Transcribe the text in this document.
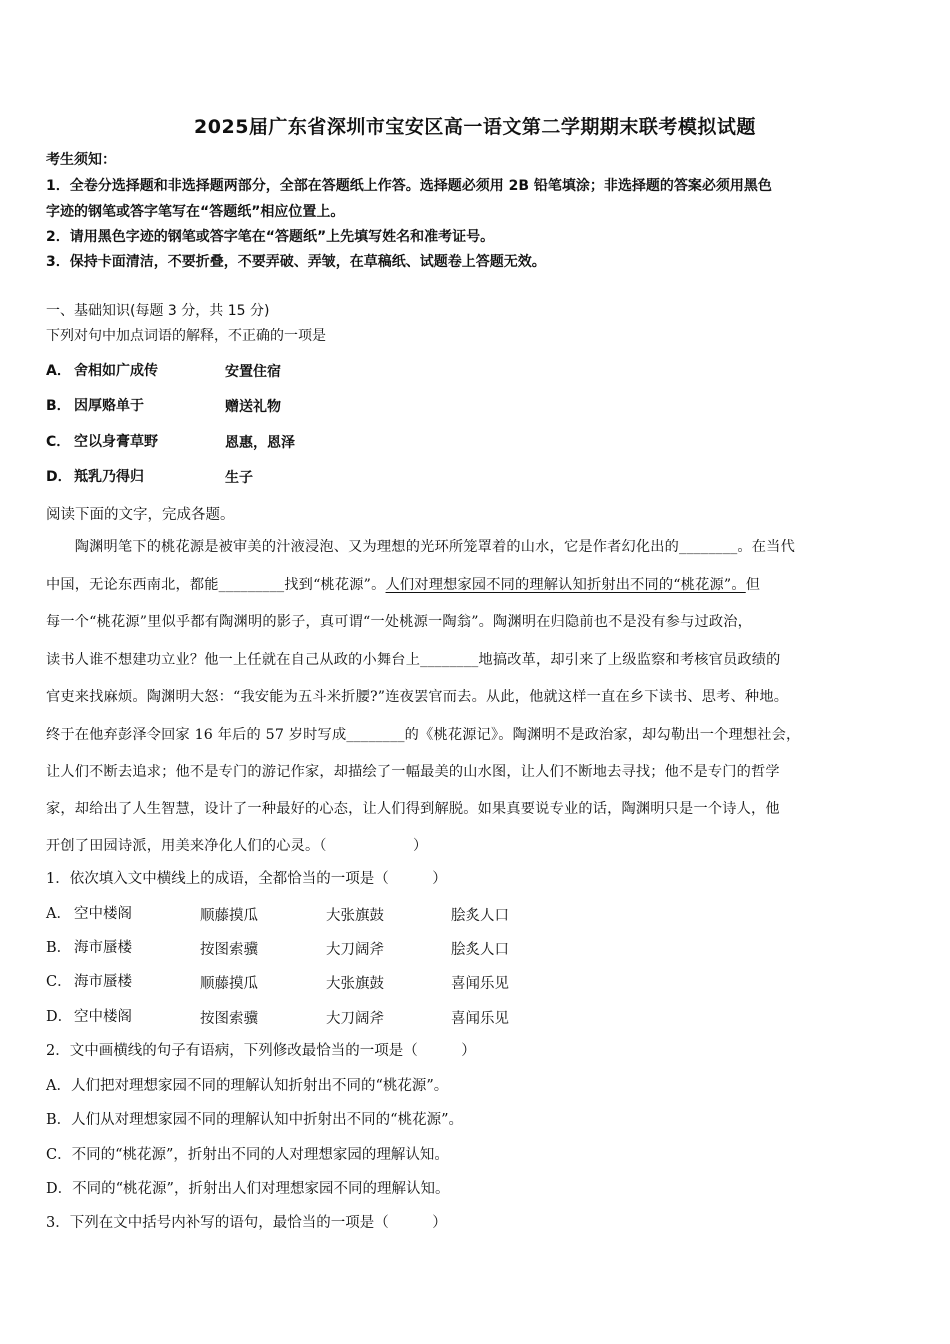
2025届广东省深圳市宝安区高一语文第二学期期末联考模拟试题
考生须知：
1．全卷分选择题和非选择题两部分，全部在答题纸上作答。选择题必须用 2B 铅笔填涂；非选择题的答案必须用黑色
字迹的钢笔或答字笔写在“答题纸”相应位置上。
2．请用黑色字迹的钢笔或答字笔在“答题纸”上先填写姓名和准考证号。
3．保持卡面清洁，不要折叠，不要弄破、弄皱，在草稿纸、试题卷上答题无效。
一、基础知识(每题 3 分，共 15 分)
下列对句中加点词语的解释，不正确的一项是
A． 舍相如广成传	安置住宿
B． 因厚赂单于	赠送礼物
C． 空以身膏草野	恩惠，恩泽
D． 羝乳乃得归	生子
阅读下面的文字，完成各题。
　　陶渊明笔下的桃花源是被审美的汁液浸泡、又为理想的光环所笼罩着的山水，它是作者幻化出的________。在当代
中国，无论东西南北，都能_________找到“桃花源”。人们对理想家园不同的理解认知折射出不同的“桃花源”。但
每一个“桃花源”里似乎都有陶渊明的影子，真可谓“一处桃源一陶翁”。陶渊明在归隐前也不是没有参与过政治，
读书人谁不想建功立业？他一上任就在自己从政的小舞台上________地搞改革，却引来了上级监察和考核官员政绩的
官吏来找麻烦。陶渊明大怒：“我安能为五斗米折腰?”连夜罢官而去。从此，他就这样一直在乡下读书、思考、种地。
终于在他弃彭泽令回家 16 年后的 57 岁时写成________的《桃花源记》。陶渊明不是政治家，却勾勒出一个理想社会，
让人们不断去追求；他不是专门的游记作家，却描绘了一幅最美的山水图，让人们不断地去寻找；他不是专门的哲学
家，却给出了人生智慧，设计了一种最好的心态，让人们得到解脱。如果真要说专业的话，陶渊明只是一个诗人，他
开创了田园诗派，用美来净化人们的心灵。（　　　　　　）
1．依次填入文中横线上的成语，全都恰当的一项是（　　　）
A． 空中楼阁	顺藤摸瓜	大张旗鼓	脍炙人口
B． 海市蜃楼	按图索骥	大刀阔斧	脍炙人口
C． 海市蜃楼	顺藤摸瓜	大张旗鼓	喜闻乐见
D． 空中楼阁	按图索骥	大刀阔斧	喜闻乐见
2．文中画横线的句子有语病，下列修改最恰当的一项是（　　　）
A．人们把对理想家园不同的理解认知折射出不同的“桃花源”。
B．人们从对理想家园不同的理解认知中折射出不同的“桃花源”。
C．不同的“桃花源”，折射出不同的人对理想家园的理解认知。
D．不同的“桃花源”，折射出人们对理想家园不同的理解认知。
3．下列在文中括号内补写的语句，最恰当的一项是（　　　）
